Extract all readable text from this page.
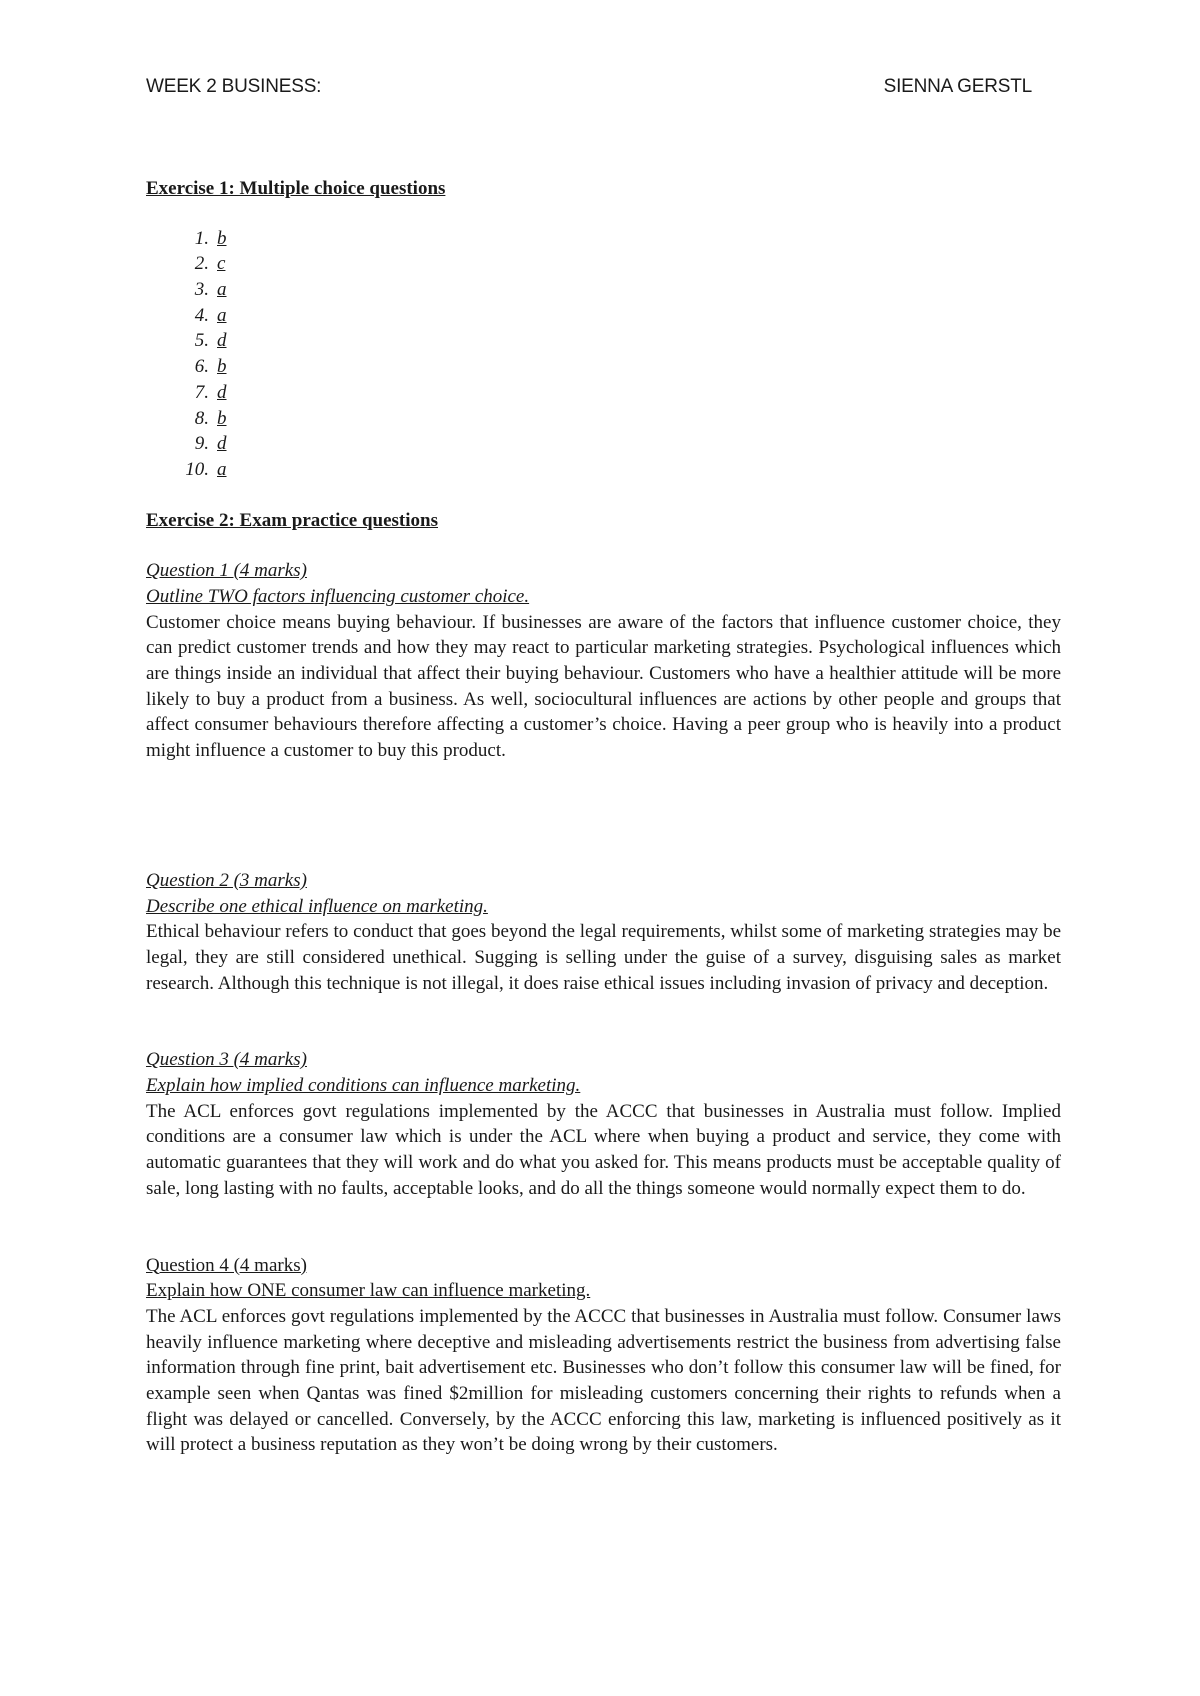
WEEK 2 BUSINESS:	SIENNA GERSTL

Exercise 1: Multiple choice questions

1. b
2. c
3. a
4. a
5. d
6. b
7. d
8. b
9. d
10. a

Exercise 2: Exam practice questions

Question 1 (4 marks)
Outline TWO factors influencing customer choice.

Customer choice means buying behaviour. If businesses are aware of the factors that influence customer choice, they can predict customer trends and how they may react to particular marketing strategies. Psychological influences which are things inside an individual that affect their buying behaviour. Customers who have a healthier attitude will be more likely to buy a product from a business. As well, sociocultural influences are actions by other people and groups that affect consumer behaviours therefore affecting a customer’s choice. Having a peer group who is heavily into a product might influence a customer to buy this product.

Question 2 (3 marks)
Describe one ethical influence on marketing.

Ethical behaviour refers to conduct that goes beyond the legal requirements, whilst some of marketing strategies may be legal, they are still considered unethical. Sugging is selling under the guise of a survey, disguising sales as market research. Although this technique is not illegal, it does raise ethical issues including invasion of privacy and deception.

Question 3 (4 marks)
Explain how implied conditions can influence marketing.

The ACL enforces govt regulations implemented by the ACCC that businesses in Australia must follow. Implied conditions are a consumer law which is under the ACL where when buying a product and service, they come with automatic guarantees that they will work and do what you asked for. This means products must be acceptable quality of sale, long lasting with no faults, acceptable looks, and do all the things someone would normally expect them to do.

Question 4 (4 marks)
Explain how ONE consumer law can influence marketing.

The ACL enforces govt regulations implemented by the ACCC that businesses in Australia must follow. Consumer laws heavily influence marketing where deceptive and misleading advertisements restrict the business from advertising false information through fine print, bait advertisement etc. Businesses who don’t follow this consumer law will be fined, for example seen when Qantas was fined $2million for misleading customers concerning their rights to refunds when a flight was delayed or cancelled. Conversely, by the ACCC enforcing this law, marketing is influenced positively as it will protect a business reputation as they won’t be doing wrong by their customers.
